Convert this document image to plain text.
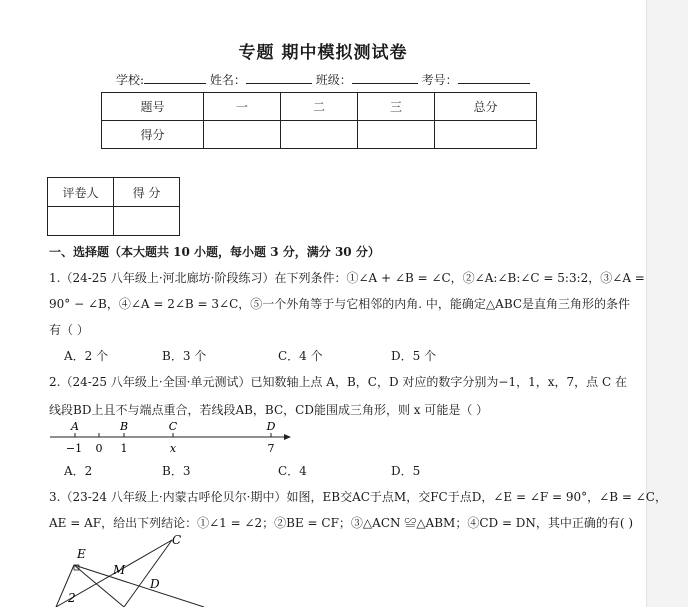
专题 期中模拟测试卷
学校:	姓名：	班级：	考号：
题号	一	二	三	总分
得分				
评卷人	得 分

一、选择题（本大题共 10 小题，每小题 3 分，满分 30 分）
1.（24-25 八年级上·河北廊坊·阶段练习）在下列条件：①∠A + ∠B = ∠C，②∠A:∠B:∠C = 5:3:2，③∠A =
90° − ∠B，④∠A = 2∠B = 3∠C，⑤一个外角等于与它相邻的内角. 中，能确定△ABC是直角三角形的条件
有（ ）
A．2 个	B．3 个	C．4 个	D．5 个
2.（24-25 八年级上·全国·单元测试）已知数轴上点 A，B，C，D 对应的数字分别为−1，1，x，7，点 C 在
线段BD上且不与端点重合，若线段AB，BC，CD能围成三角形，则 x 可能是（ ）
A	B	C	D
−1 0 1	x	7
A．2	B．3	C．4	D．5
3.（23-24 八年级上·内蒙古呼伦贝尔·期中）如图，EB交AC于点M，交FC于点D，∠E = ∠F = 90°，∠B = ∠C，
AE = AF，给出下列结论：①∠1 = ∠2；②BE = CF；③△ACN ≌△ABM；④CD = DN，其中正确的有( )
E
C
M
D
2
